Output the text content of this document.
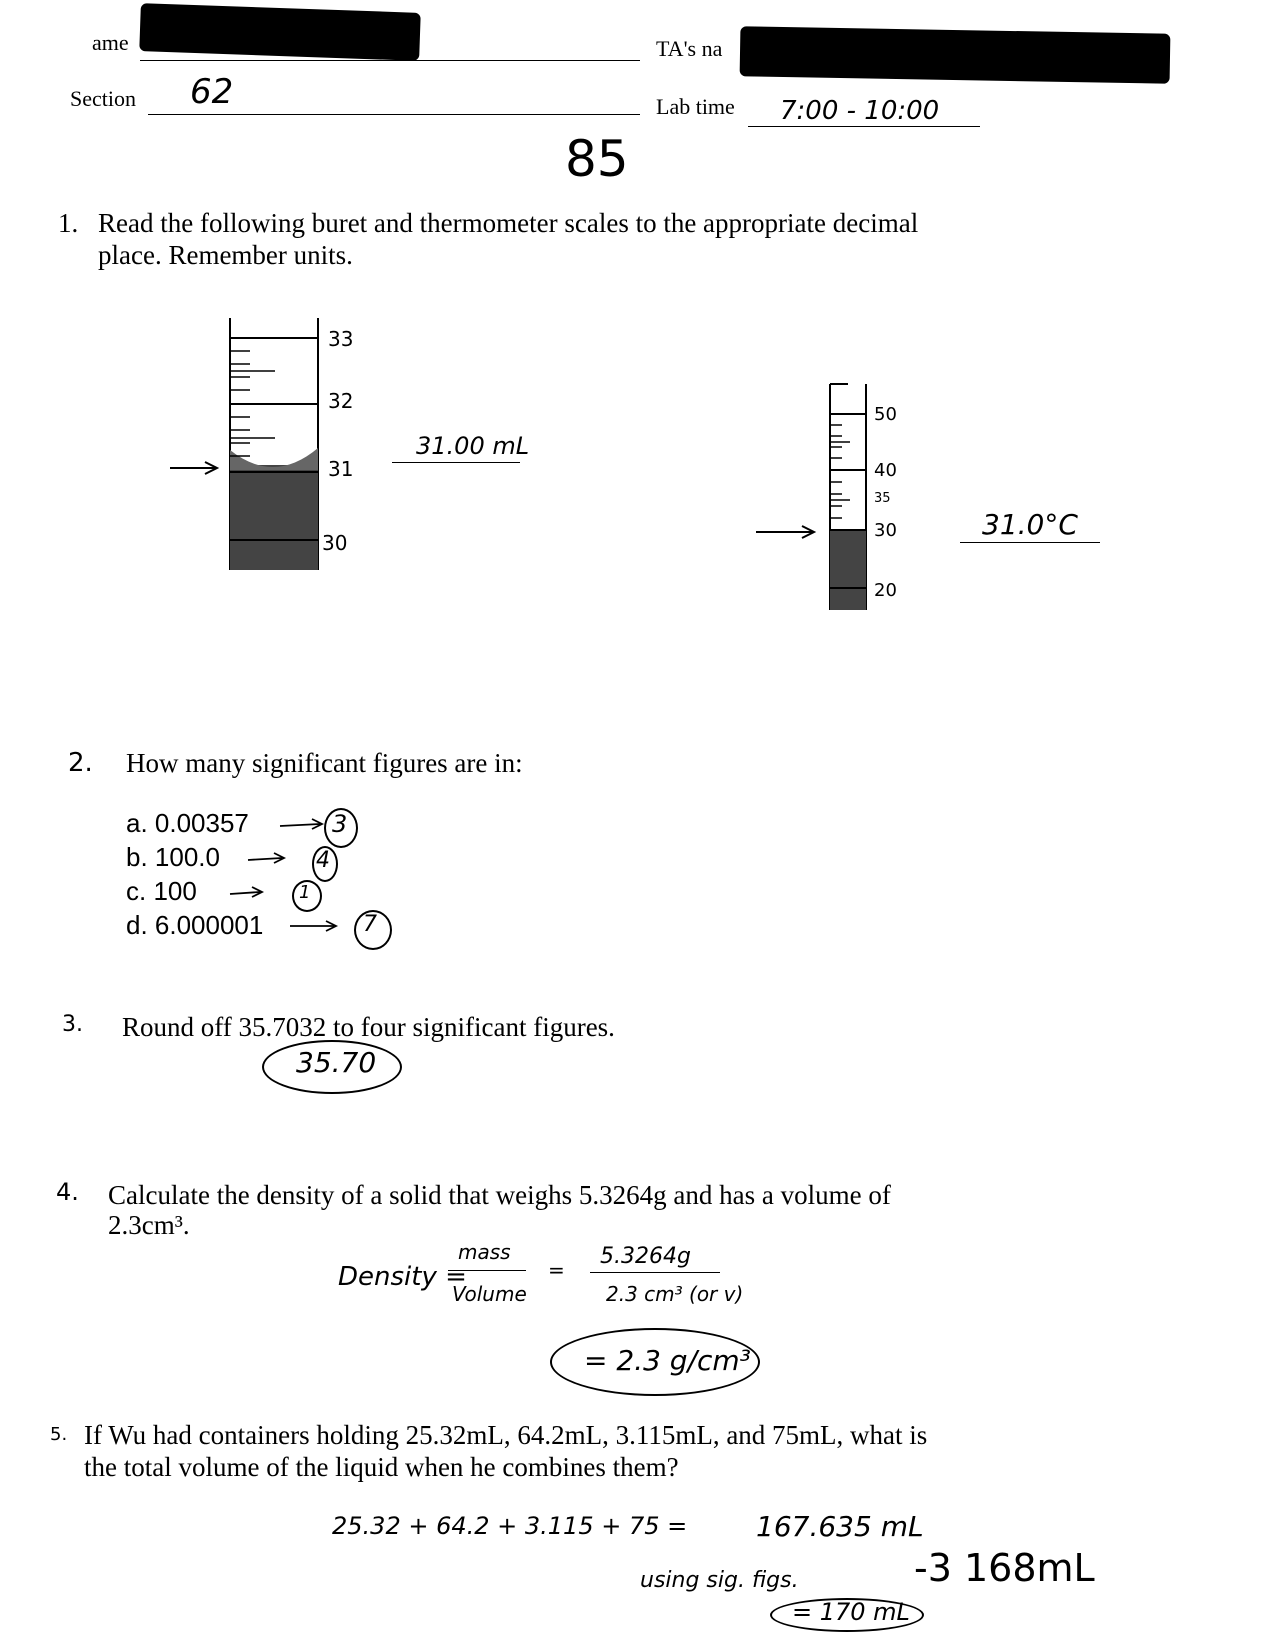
ame	TA's na
Section 62	Lab time 7:00 - 10:00
85
1. Read the following buret and thermometer scales to the appropriate decimal
place. Remember units.
33
32
31
30
31.00 mL
50
40
35
30
20
31.0°C
2. How many significant figures are in:
a. 0.00357
b. 100.0
c. 100
d. 6.000001
3
4
1
7
3. Round off 35.7032 to four significant figures.
35.70
4. Calculate the density of a solid that weighs 5.3264g and has a volume of
2.3cm³.
Density =
mass
Volume
=
5.3264g
2.3 cm³ (or v)
= 2.3 g/cm³
5. If Wu had containers holding 25.32mL, 64.2mL, 3.115mL, and 75mL, what is
the total volume of the liquid when he combines them?
25.32 + 64.2 + 3.115 + 75 = 167.635 mL
using sig. figs.
= 170 mL
-3 168mL
